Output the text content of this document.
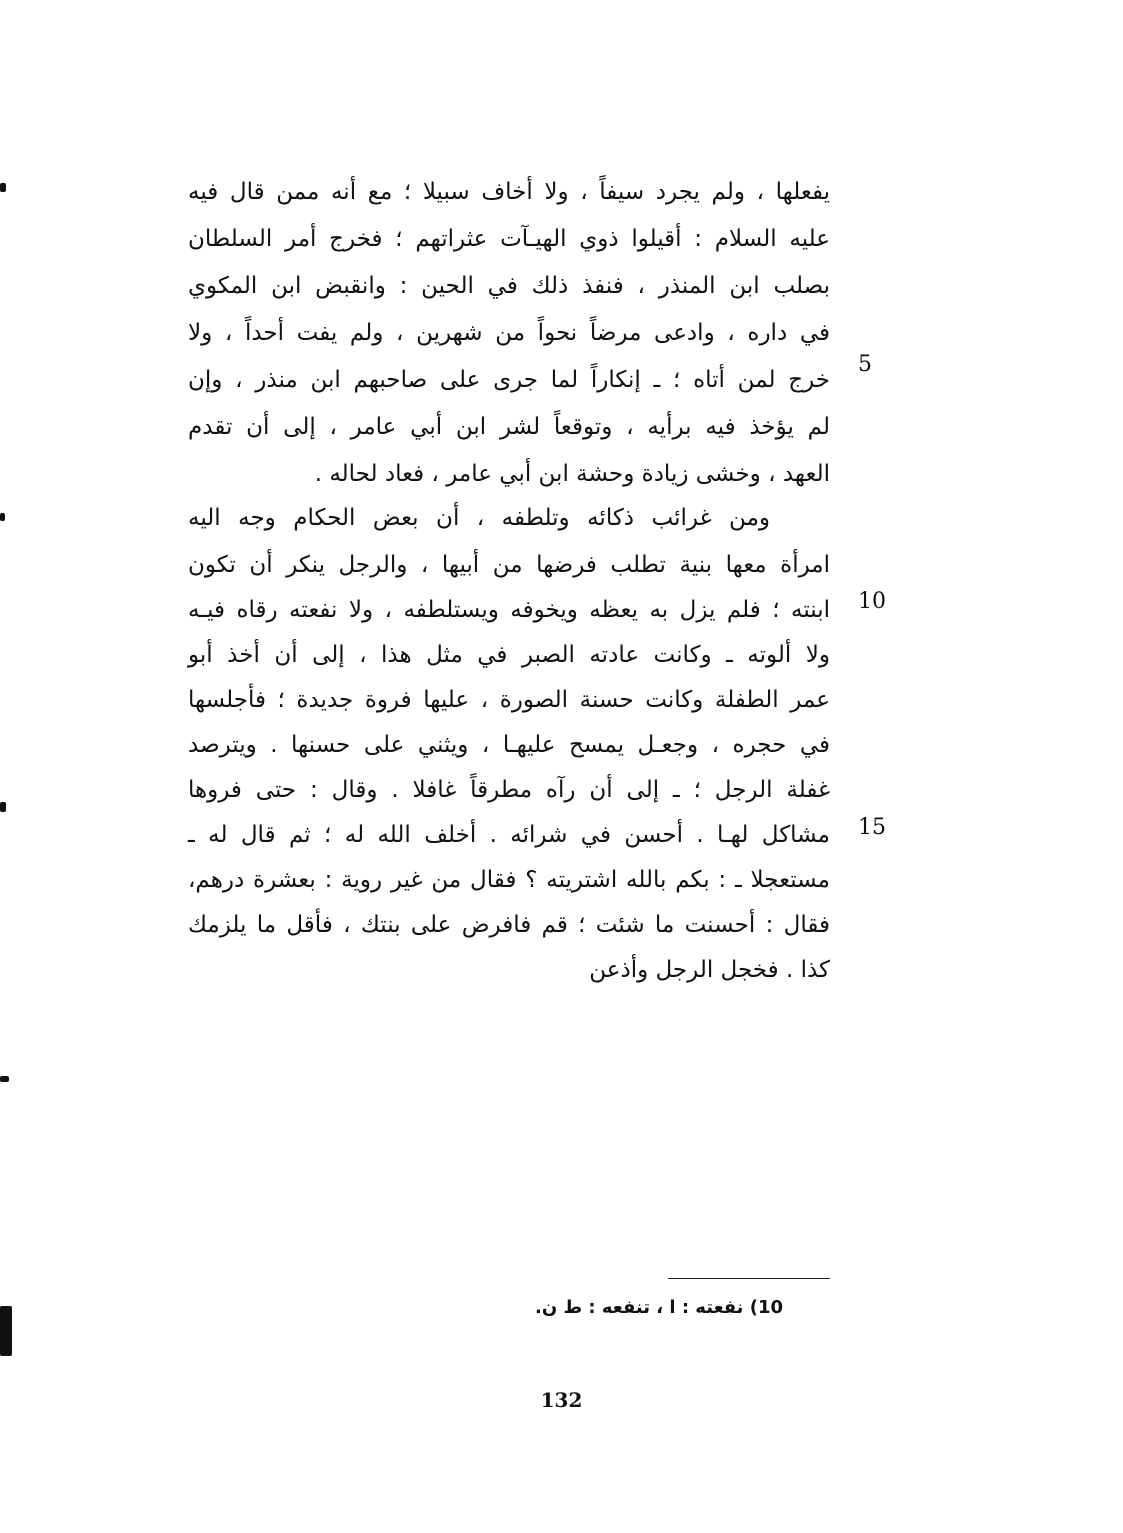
يفعلها ، ولم يجرد سيفاً ، ولا أخاف سبيلا ؛ مع أنه ممن قال فيه
عليه السلام : أقيلوا ذوي الهيـآت عثراتهم ؛ فخرج أمر السلطان
بصلب ابن المنذر ، فنفذ ذلك في الحين : وانقبض ابن المكوي
في داره ، وادعى مرضاً نحواً من شهرين ، ولم يفت أحداً ، ولا
خرج لمن أتاه ؛ ـ إنكاراً لما جرى على صاحبهم ابن منذر ، وإن
لم يؤخذ فيه برأيه ، وتوقعاً لشر ابن أبي عامر ، إلى أن تقدم
العهد ، وخشى زيادة وحشة ابن أبي عامر ، فعاد لحاله .
ومن غرائب ذكائه وتلطفه ، أن بعض الحكام وجه اليه
امرأة معها بنية تطلب فرضها من أبيها ، والرجل ينكر أن تكون
ابنته ؛ فلم يزل به يعظه ويخوفه ويستلطفه ، ولا نفعته رقاه فيـه
ولا ألوته ـ وكانت عادته الصبر في مثل هذا ، إلى أن أخذ أبو
عمر الطفلة وكانت حسنة الصورة ، عليها فروة جديدة ؛ فأجلسها
في حجره ، وجعـل يمسح عليهـا ، ويثني على حسنها . ويترصد
غفلة الرجل ؛ ـ إلى أن رآه مطرقاً غافلا . وقال : حتى فروها
مشاكل لهـا . أحسن في شرائه . أخلف الله له ؛ ثم قال له ـ
مستعجلا ـ : بكم بالله اشتريته ؟ فقال من غير روية : بعشرة درهم،
فقال : أحسنت ما شئت ؛ قم فافرض على بنتك ، فأقل ما يلزمك
كذا . فخجل الرجل وأذعن
5
10
15
10) نفعته : ا ، تنفعه : ط ن.
132
